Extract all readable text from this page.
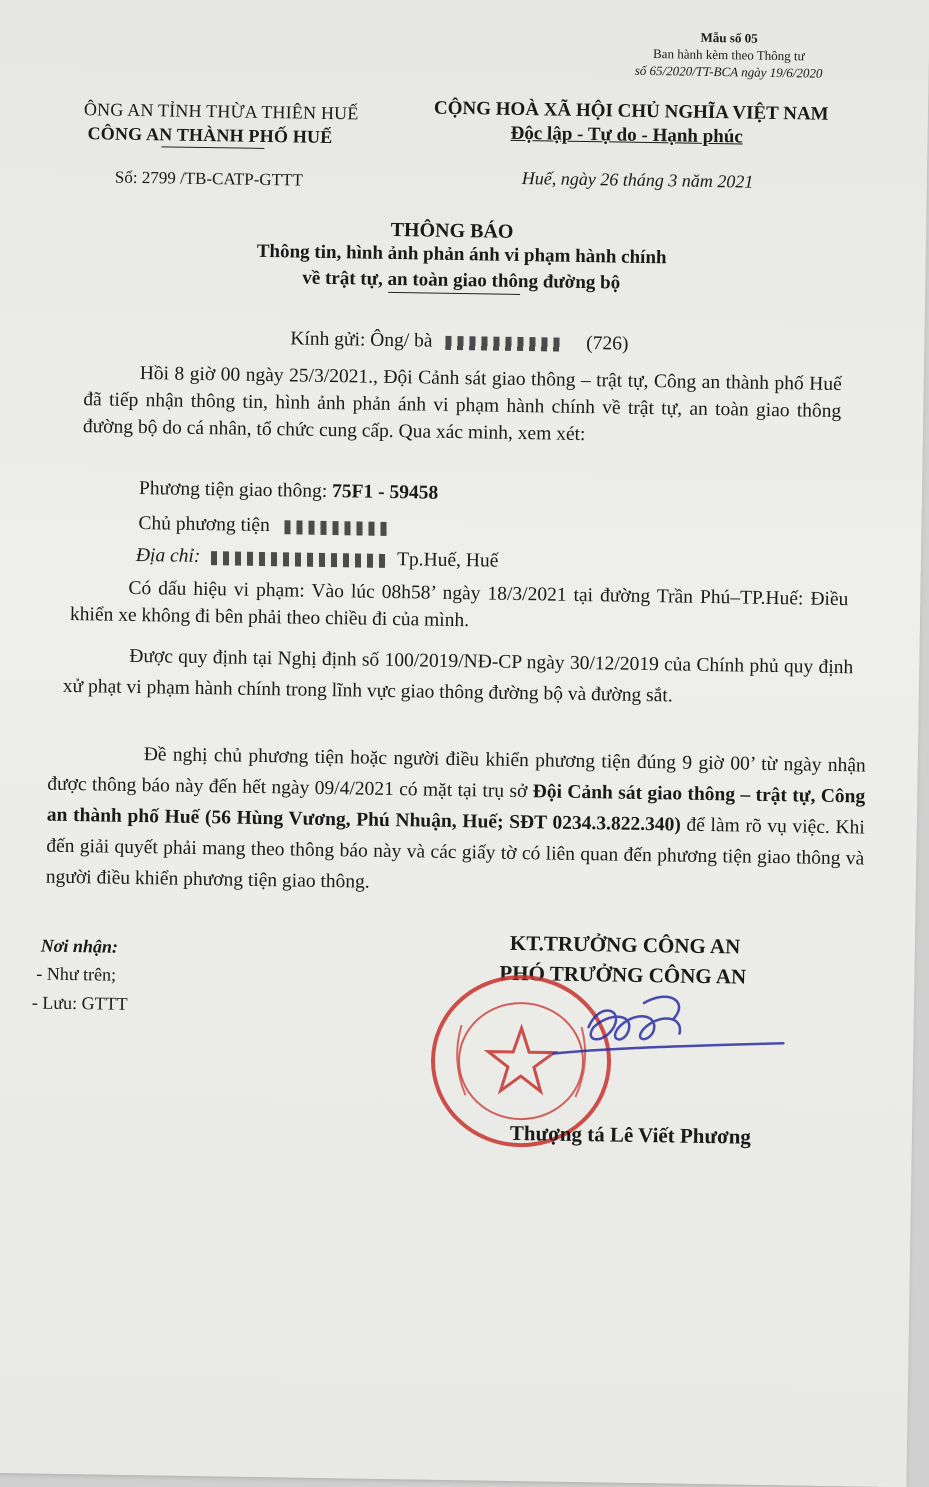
Mẫu số 05
Ban hành kèm theo Thông tư
số 65/2020/TT-BCA ngày 19/6/2020
ÔNG AN TỈNH THỪA THIÊN HUẾ
CÔNG AN THÀNH PHỐ HUẾ
Số: 2799 /TB-CATP-GTTT
CỘNG HOÀ XÃ HỘI CHỦ NGHĨA VIỆT NAM
Độc lập - Tự do - Hạnh phúc
Huế, ngày 26 tháng 3 năm 2021
THÔNG BÁO
Thông tin, hình ảnh phản ánh vi phạm hành chính
về trật tự, an toàn giao thông đường bộ
Kính gửi: Ông/ bà	(726)
Hồi 8 giờ 00 ngày 25/3/2021., Đội Cảnh sát giao thông – trật tự, Công an thành phố Huế đã tiếp nhận thông tin, hình ảnh phản ánh vi phạm hành chính về trật tự, an toàn giao thông đường bộ do cá nhân, tổ chức cung cấp. Qua xác minh, xem xét:
Phương tiện giao thông: 75F1 - 59458
Chủ phương tiện
Địa chỉ:	Tp.Huế, Huế
Có dấu hiệu vi phạm: Vào lúc 08h58’ ngày 18/3/2021 tại đường Trần Phú–TP.Huế: Điều khiển xe không đi bên phải theo chiều đi của mình.
Được quy định tại Nghị định số 100/2019/NĐ-CP ngày 30/12/2019 của Chính phủ quy định xử phạt vi phạm hành chính trong lĩnh vực giao thông đường bộ và đường sắt.
Đề nghị chủ phương tiện hoặc người điều khiển phương tiện đúng 9 giờ 00’ từ ngày nhận được thông báo này đến hết ngày 09/4/2021 có mặt tại trụ sở Đội Cảnh sát giao thông – trật tự, Công an thành phố Huế (56 Hùng Vương, Phú Nhuận, Huế; SĐT 0234.3.822.340) để làm rõ vụ việc. Khi đến giải quyết phải mang theo thông báo này và các giấy tờ có liên quan đến phương tiện giao thông và người điều khiển phương tiện giao thông.
Nơi nhận:
- Như trên;
- Lưu: GTTT
KT.TRƯỞNG CÔNG AN
PHÓ TRƯỞNG CÔNG AN
Thượng tá Lê Viết Phương
